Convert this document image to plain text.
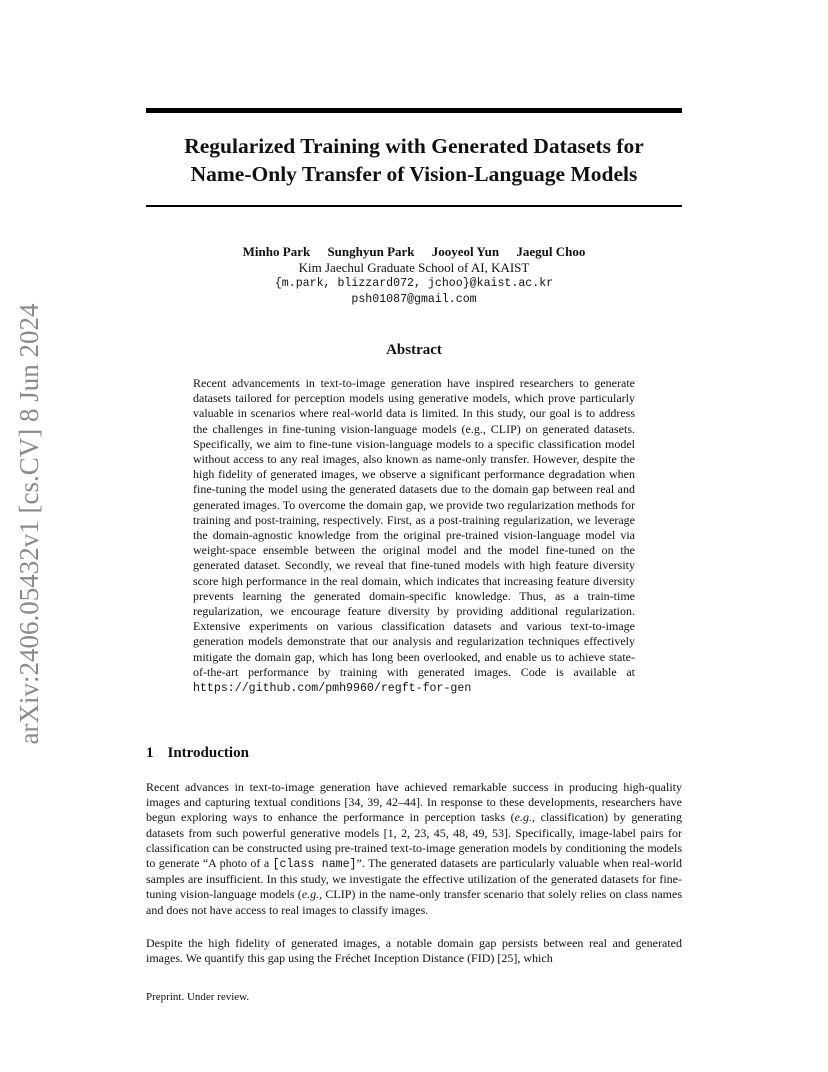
arXiv:2406.05432v1 [cs.CV] 8 Jun 2024
Regularized Training with Generated Datasets for
Name-Only Transfer of Vision-Language Models
Minho Park Sunghyun Park Jooyeol Yun Jaegul Choo
Kim Jaechul Graduate School of AI, KAIST
{m.park, blizzard072, jchoo}@kaist.ac.kr
psh01087@gmail.com
Abstract

Recent advancements in text-to-image generation have inspired researchers to generate datasets tailored for perception models using generative models, which prove particularly valuable in scenarios where real-world data is limited. In this study, our goal is to address the challenges in fine-tuning vision-language models (e.g., CLIP) on generated datasets. Specifically, we aim to fine-tune vision-language models to a specific classification model without access to any real images, also known as name-only transfer. However, despite the high fidelity of generated images, we observe a significant performance degradation when fine-tuning the model using the generated datasets due to the domain gap between real and generated images. To overcome the domain gap, we provide two regularization methods for training and post-training, respectively. First, as a post-training regularization, we leverage the domain-agnostic knowledge from the original pre-trained vision-language model via weight-space ensemble between the original model and the model fine-tuned on the generated dataset. Secondly, we reveal that fine-tuned models with high feature diversity score high performance in the real domain, which indicates that increasing feature diversity prevents learning the generated domain-specific knowledge. Thus, as a train-time regularization, we encourage feature diversity by providing additional regularization. Extensive experiments on various classification datasets and various text-to-image generation models demonstrate that our analysis and regularization techniques effectively mitigate the domain gap, which has long been overlooked, and enable us to achieve state-of-the-art performance by training with generated images. Code is available at https://github.com/pmh9960/regft-for-gen

1 Introduction

Recent advances in text-to-image generation have achieved remarkable success in producing high-quality images and capturing textual conditions [34, 39, 42–44]. In response to these developments, researchers have begun exploring ways to enhance the performance in perception tasks (e.g., classification) by generating datasets from such powerful generative models [1, 2, 23, 45, 48, 49, 53]. Specifically, image-label pairs for classification can be constructed using pre-trained text-to-image generation models by conditioning the models to generate “A photo of a [class name]”. The generated datasets are particularly valuable when real-world samples are insufficient. In this study, we investigate the effective utilization of the generated datasets for fine-tuning vision-language models (e.g., CLIP) in the name-only transfer scenario that solely relies on class names and does not have access to real images to classify images.

Despite the high fidelity of generated images, a notable domain gap persists between real and generated images. We quantify this gap using the Fréchet Inception Distance (FID) [25], which

Preprint. Under review.
